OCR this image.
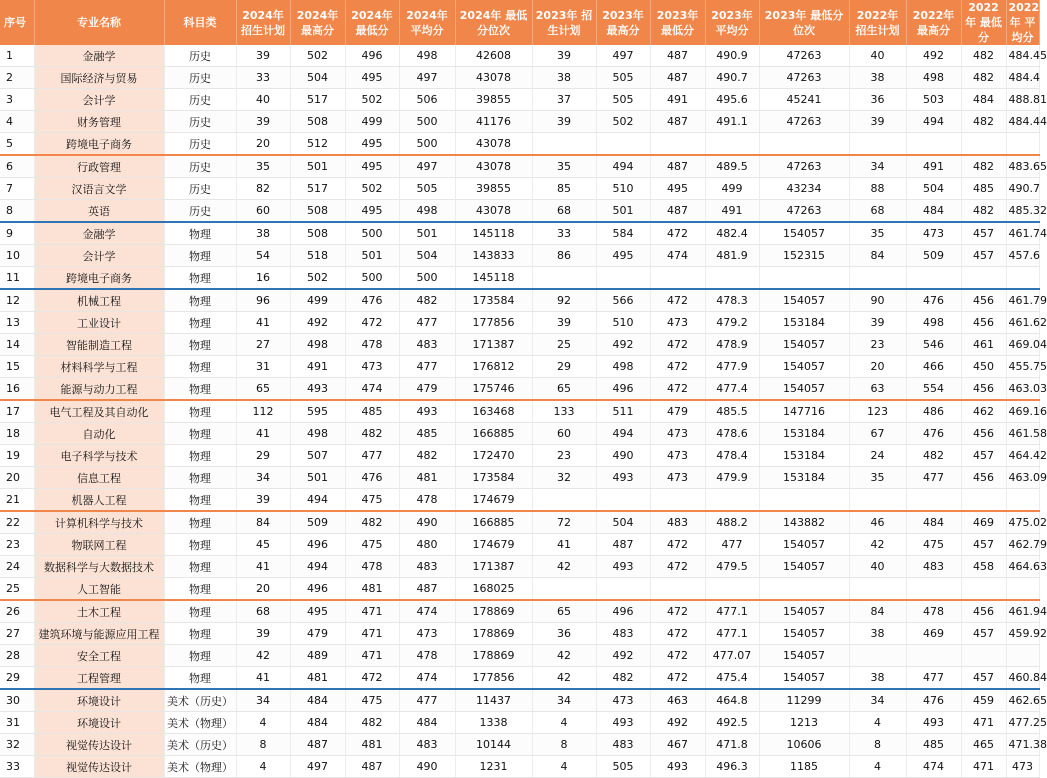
序号	专业名称	科目类	2024年 招生计划	2024年 最高分	2024年 最低分	2024年 平均分	2024年 最低分位次	2023年 招生计划	2023年 最高分	2023年 最低分	2023年 平均分	2023年 最低分位次	2022年 招生计划	2022年 最高分	2022年 最低分	2022年 平均分
1	金融学	历史	39	502	496	498	42608	39	497	487	490.9	47263	40	492	482	484.45
2	国际经济与贸易	历史	33	504	495	497	43078	38	505	487	490.7	47263	38	498	482	484.4
3	会计学	历史	40	517	502	506	39855	37	505	491	495.6	45241	36	503	484	488.81
4	财务管理	历史	39	508	499	500	41176	39	502	487	491.1	47263	39	494	482	484.44
5	跨境电子商务	历史	20	512	495	500	43078									
6	行政管理	历史	35	501	495	497	43078	35	494	487	489.5	47263	34	491	482	483.65
7	汉语言文学	历史	82	517	502	505	39855	85	510	495	499	43234	88	504	485	490.7
8	英语	历史	60	508	495	498	43078	68	501	487	491	47263	68	484	482	485.32
9	金融学	物理	38	508	500	501	145118	33	584	472	482.4	154057	35	473	457	461.74
10	会计学	物理	54	518	501	504	143833	86	495	474	481.9	152315	84	509	457	457.6
11	跨境电子商务	物理	16	502	500	500	145118									
12	机械工程	物理	96	499	476	482	173584	92	566	472	478.3	154057	90	476	456	461.79
13	工业设计	物理	41	492	472	477	177856	39	510	473	479.2	153184	39	498	456	461.62
14	智能制造工程	物理	27	498	478	483	171387	25	492	472	478.9	154057	23	546	461	469.04
15	材料科学与工程	物理	31	491	473	477	176812	29	498	472	477.9	154057	20	466	450	455.75
16	能源与动力工程	物理	65	493	474	479	175746	65	496	472	477.4	154057	63	554	456	463.03
17	电气工程及其自动化	物理	112	595	485	493	163468	133	511	479	485.5	147716	123	486	462	469.16
18	自动化	物理	41	498	482	485	166885	60	494	473	478.6	153184	67	476	456	461.58
19	电子科学与技术	物理	29	507	477	482	172470	23	490	473	478.4	153184	24	482	457	464.42
20	信息工程	物理	34	501	476	481	173584	32	493	473	479.9	153184	35	477	456	463.09
21	机器人工程	物理	39	494	475	478	174679									
22	计算机科学与技术	物理	84	509	482	490	166885	72	504	483	488.2	143882	46	484	469	475.02
23	物联网工程	物理	45	496	475	480	174679	41	487	472	477	154057	42	475	457	462.79
24	数据科学与大数据技术	物理	41	494	478	483	171387	42	493	472	479.5	154057	40	483	458	464.63
25	人工智能	物理	20	496	481	487	168025									
26	土木工程	物理	68	495	471	474	178869	65	496	472	477.1	154057	84	478	456	461.94
27	建筑环境与能源应用工程	物理	39	479	471	473	178869	36	483	472	477.1	154057	38	469	457	459.92
28	安全工程	物理	42	489	471	478	178869	42	492	472	477.07	154057				
29	工程管理	物理	41	481	472	474	177856	42	482	472	475.4	154057	38	477	457	460.84
30	环境设计	美术（历史）	34	484	475	477	11437	34	473	463	464.8	11299	34	476	459	462.65
31	环境设计	美术（物理）	4	484	482	484	1338	4	493	492	492.5	1213	4	493	471	477.25
32	视觉传达设计	美术（历史）	8	487	481	483	10144	8	483	467	471.8	10606	8	485	465	471.38
33	视觉传达设计	美术（物理）	4	497	487	490	1231	4	505	493	496.3	1185	4	474	471	473
